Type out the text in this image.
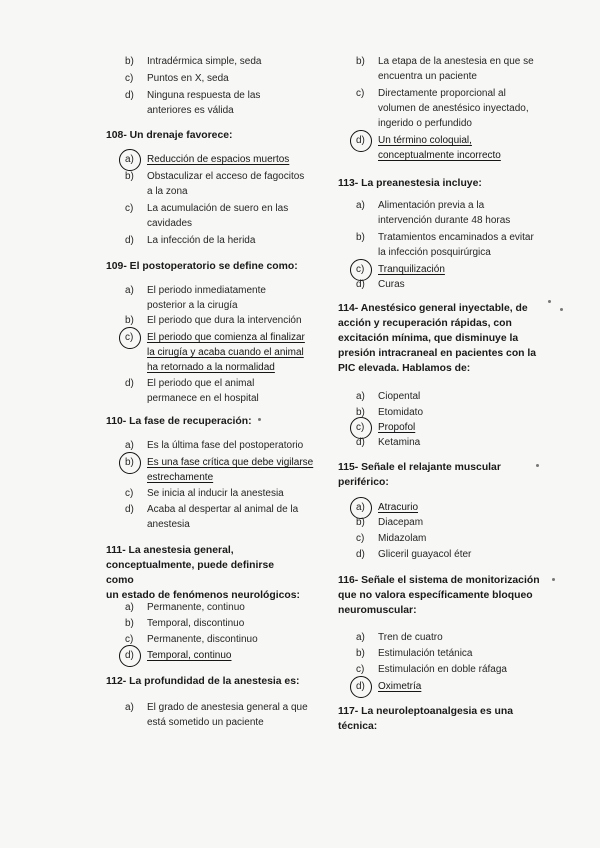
b)	Intradérmica simple, seda
c)	Puntos en X, seda
d)	Ninguna respuesta de las
anteriores es válida
108- Un drenaje favorece:
a)	Reducción de espacios muertos
b)	Obstaculizar el acceso de fagocitos
a la zona
c)	La acumulación de suero en las
cavidades
d)	La infección de la herida
109- El postoperatorio se define como:
a)	El periodo inmediatamente
posterior a la cirugía
b)	El periodo que dura la intervención
c)	El periodo que comienza al finalizar
la cirugía y acaba cuando el animal
ha retornado a la normalidad
d)	El periodo que el animal
permanece en el hospital
110- La fase de recuperación:
a)	Es la última fase del postoperatorio
b)	Es una fase crítica que debe vigilarse
estrechamente
c)	Se inicia al inducir la anestesia
d)	Acaba al despertar al animal de la
anestesia
111- La anestesia general,
conceptualmente, puede definirse como
un estado de fenómenos neurológicos:
a)	Permanente, continuo
b)	Temporal, discontinuo
c)	Permanente, discontinuo
d)	Temporal, continuo
112- La profundidad de la anestesia es:
a)	El grado de anestesia general a que
está sometido un paciente
b)	La etapa de la anestesia en que se
encuentra un paciente
c)	Directamente proporcional al
volumen de anestésico inyectado,
ingerido o perfundido
d)	Un término coloquial,
conceptualmente incorrecto
113- La preanestesia incluye:
a)	Alimentación previa a la
intervención durante 48 horas
b)	Tratamientos encaminados a evitar
la infección posquirúrgica
c)	Tranquilización
d)	Curas
114- Anestésico general inyectable, de
acción y recuperación rápidas, con
excitación mínima, que disminuye la
presión intracraneal en pacientes con la
PIC elevada. Hablamos de:
a)	Ciopental
b)	Etomidato
c)	Propofol
d)	Ketamina
115- Señale el relajante muscular
periférico:
a)	Atracurio
b)	Diacepam
c)	Midazolam
d)	Gliceril guayacol éter
116- Señale el sistema de monitorización
que no valora específicamente bloqueo
neuromuscular:
a)	Tren de cuatro
b)	Estimulación tetánica
c)	Estimulación en doble ráfaga
d)	Oximetría
117- La neuroleptoanalgesia es una
técnica:
